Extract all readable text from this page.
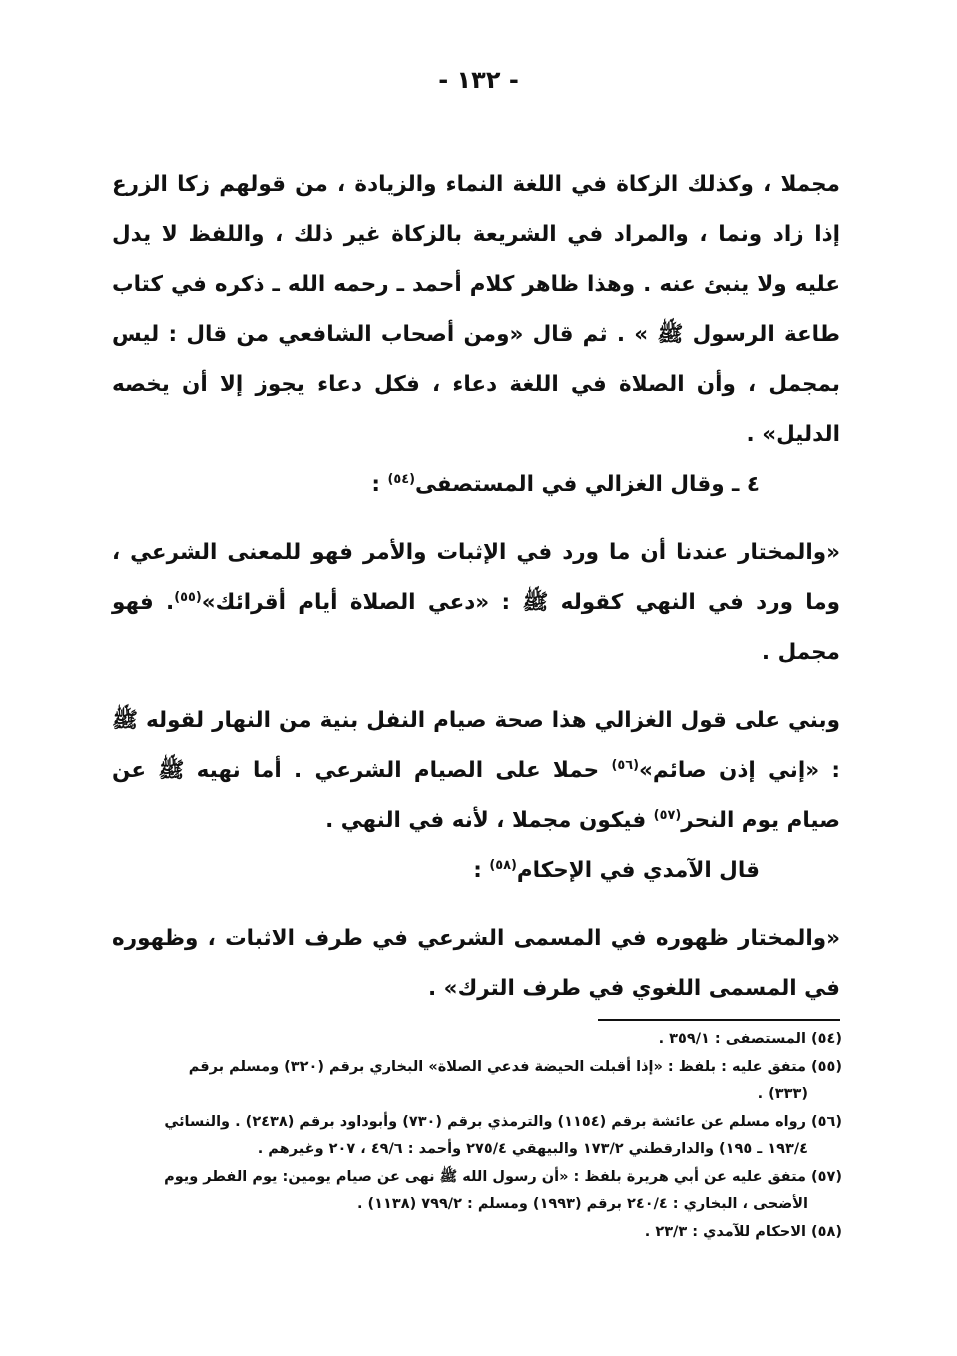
- ١٣٢ -

مجملا ، وكذلك الزكاة في اللغة النماء والزيادة ، من قولهم زكا الزرع إذا زاد ونما ، والمراد في الشريعة بالزكاة غير ذلك ، واللفظ لا يدل عليه ولا ينبئ عنه . وهذا ظاهر كلام أحمد ـ رحمه الله ـ ذكره في كتاب طاعة الرسول ﷺ » . ثم قال «ومن أصحاب الشافعي من قال : ليس بمجمل ، وأن الصلاة في اللغة دعاء ، فكل دعاء يجوز إلا أن يخصه الدليل» .

٤ ـ وقال الغزالي في المستصفى$^{(٥٤)}$ :

«والمختار عندنا أن ما ورد في الإثبات والأمر فهو للمعنى الشرعي ، وما ورد في النهي كقوله ﷺ : «دعي الصلاة أيام أقرائك»$^{(٥٥)}$. فهو مجمل .

وبني على قول الغزالي هذا صحة صيام النفل بنية من النهار لقوله ﷺ : «إني إذن صائم»$^{(٥٦)}$ حملا على الصيام الشرعي . أما نهيه ﷺ عن صيام يوم النحر$^{(٥٧)}$ فيكون مجملا ، لأنه في النهي .

قال الآمدي في الإحكام$^{(٥٨)}$ :

«والمختار ظهوره في المسمى الشرعي في طرف الاثبات ، وظهوره في المسمى اللغوي في طرف الترك» .

(٥٤) المستصفى : ٣٥٩/١ .

(٥٥) متفق عليه : بلفظ : «إذا أقبلت الحيضة فدعي الصلاة» البخاري برقم (٣٢٠) ومسلم برقم

(٣٣٣) .

(٥٦) رواه مسلم عن عائشة برقم (١١٥٤) والترمذي برقم (٧٣٠) وأبوداود برقم (٢٤٣٨) . والنسائي

١٩٣/٤ ـ ١٩٥) والدارقطني ١٧٣/٢ والبيهقي ٢٧٥/٤ وأحمد : ٤٩/٦ ، ٢٠٧ وغيرهم .

(٥٧) متفق عليه عن أبي هريرة بلفظ : «أن رسول الله ﷺ نهى عن صيام يومين: يوم الفطر ويوم

الأضحى ، البخاري : ٢٤٠/٤ برقم (١٩٩٣) ومسلم : ٧٩٩/٢ (١١٣٨) .

(٥٨) الاحكام للآمدي : ٢٣/٣ .
